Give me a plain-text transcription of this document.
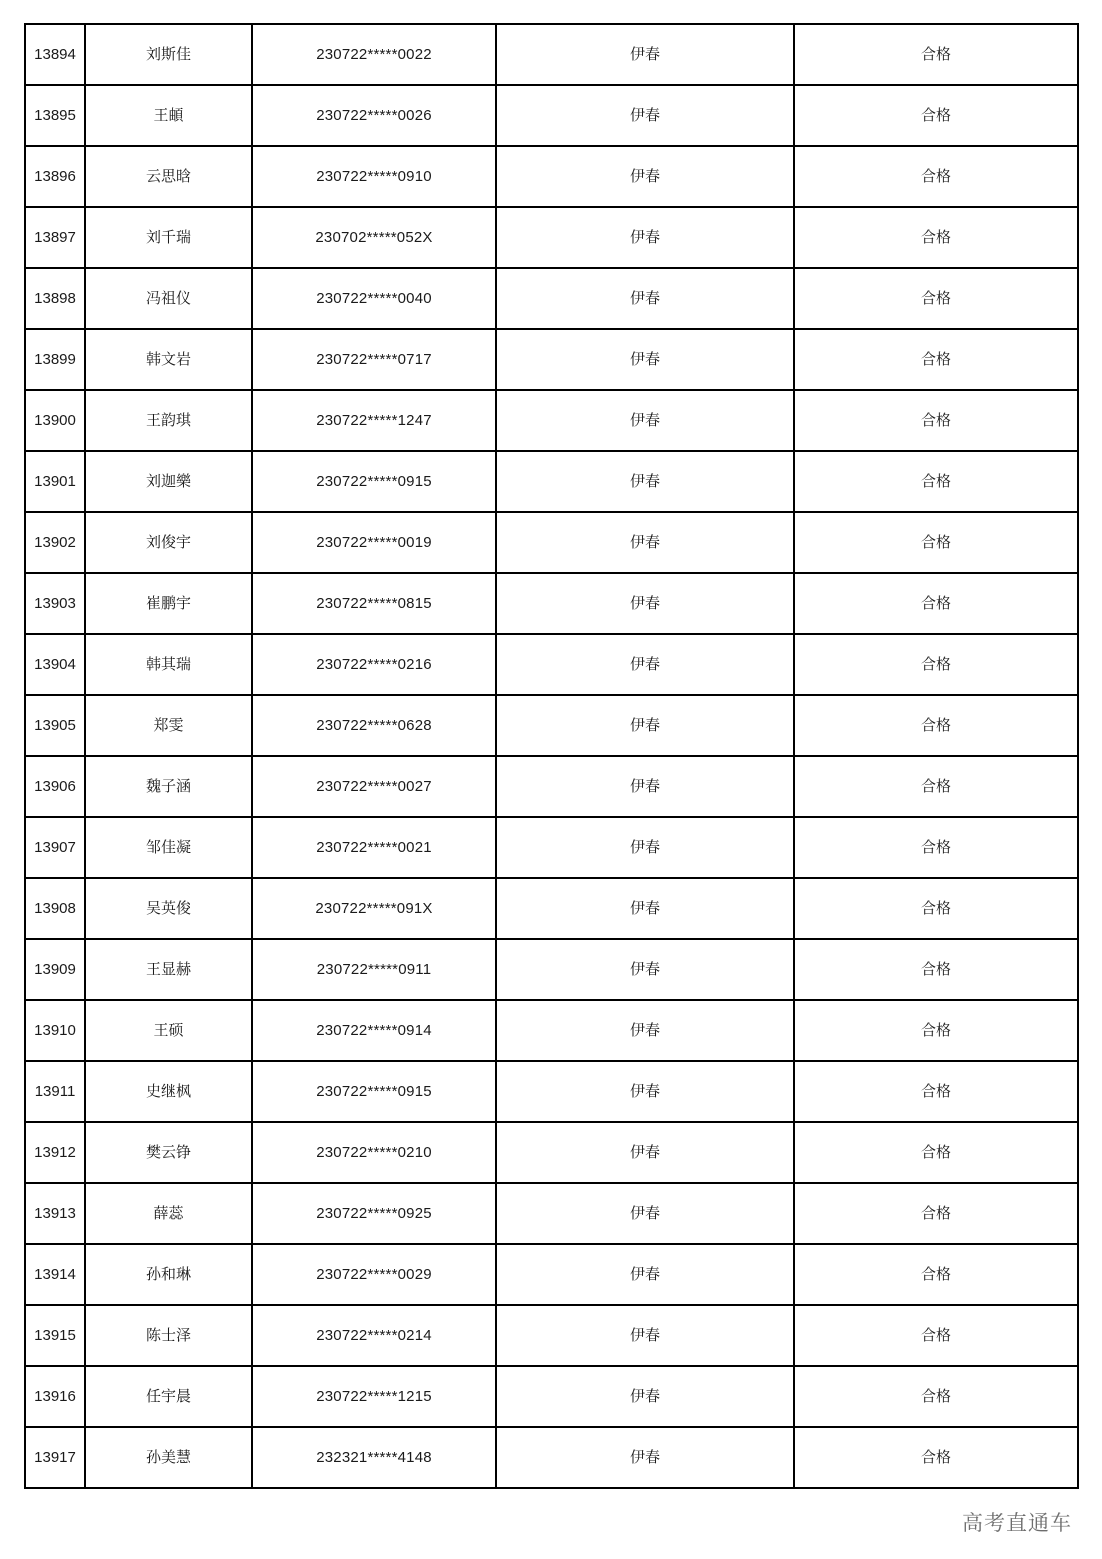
13894	刘斯佳	230722*****0022	伊春	合格
13895	王頔	230722*****0026	伊春	合格
13896	云思晗	230722*****0910	伊春	合格
13897	刘千瑞	230702*****052X	伊春	合格
13898	冯祖仪	230722*****0040	伊春	合格
13899	韩文岩	230722*****0717	伊春	合格
13900	王韵琪	230722*****1247	伊春	合格
13901	刘迦樂	230722*****0915	伊春	合格
13902	刘俊宇	230722*****0019	伊春	合格
13903	崔鹏宇	230722*****0815	伊春	合格
13904	韩其瑞	230722*****0216	伊春	合格
13905	郑雯	230722*****0628	伊春	合格
13906	魏子涵	230722*****0027	伊春	合格
13907	邹佳凝	230722*****0021	伊春	合格
13908	吴英俊	230722*****091X	伊春	合格
13909	王显赫	230722*****0911	伊春	合格
13910	王硕	230722*****0914	伊春	合格
13911	史继枫	230722*****0915	伊春	合格
13912	樊云铮	230722*****0210	伊春	合格
13913	薛蕊	230722*****0925	伊春	合格
13914	孙和琳	230722*****0029	伊春	合格
13915	陈士泽	230722*****0214	伊春	合格
13916	任宇晨	230722*****1215	伊春	合格
13917	孙美慧	232321*****4148	伊春	合格
高考直通车
